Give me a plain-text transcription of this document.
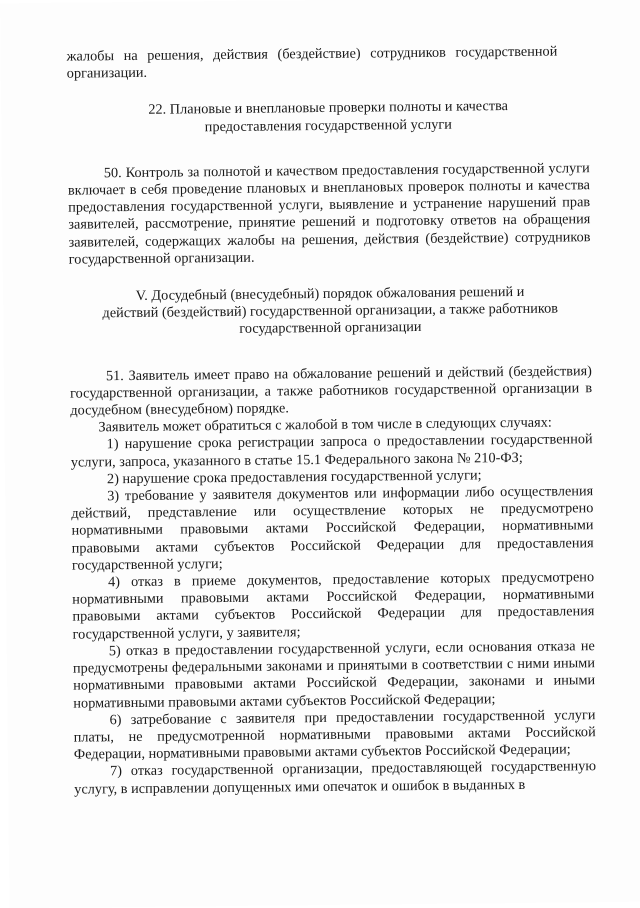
жалобы на решения, действия (бездействие) сотрудников государственной

организации.

22. Плановые и внеплановые проверки полноты и качества

предоставления государственной услуги

50. Контроль за полнотой и качеством предоставления государственной услуги включает в себя проведение плановых и внеплановых проверок полноты и качества предоставления государственной услуги, выявление и устранение нарушений прав заявителей, рассмотрение, принятие решений и подготовку ответов на обращения заявителей, содержащих жалобы на решения, действия (бездействие) сотрудников государственной организации.

V. Досудебный (внесудебный) порядок обжалования решений и

действий (бездействий) государственной организации, а также работников

государственной организации

51. Заявитель имеет право на обжалование решений и действий (бездействия) государственной организации, а также работников государственной организации в досудебном (внесудебном) порядке.

Заявитель может обратиться с жалобой в том числе в следующих случаях:

1) нарушение срока регистрации запроса о предоставлении государственной услуги, запроса, указанного в статье 15.1 Федерального закона № 210-ФЗ;

2) нарушение срока предоставления государственной услуги;

3) требование у заявителя документов или информации либо осуществления действий, представление или осуществление которых не предусмотрено нормативными правовыми актами Российской Федерации, нормативными правовыми актами субъектов Российской Федерации для предоставления государственной услуги;

4) отказ в приеме документов, предоставление которых предусмотрено нормативными правовыми актами Российской Федерации, нормативными правовыми актами субъектов Российской Федерации для предоставления государственной услуги, у заявителя;

5) отказ в предоставлении государственной услуги, если основания отказа не предусмотрены федеральными законами и принятыми в соответствии с ними иными нормативными правовыми актами Российской Федерации, законами и иными нормативными правовыми актами субъектов Российской Федерации;

6) затребование с заявителя при предоставлении государственной услуги платы, не предусмотренной нормативными правовыми актами Российской Федерации, нормативными правовыми актами субъектов Российской Федерации;

7) отказ государственной организации, предоставляющей государственную услугу, в исправлении допущенных ими опечаток и ошибок в выданных в
